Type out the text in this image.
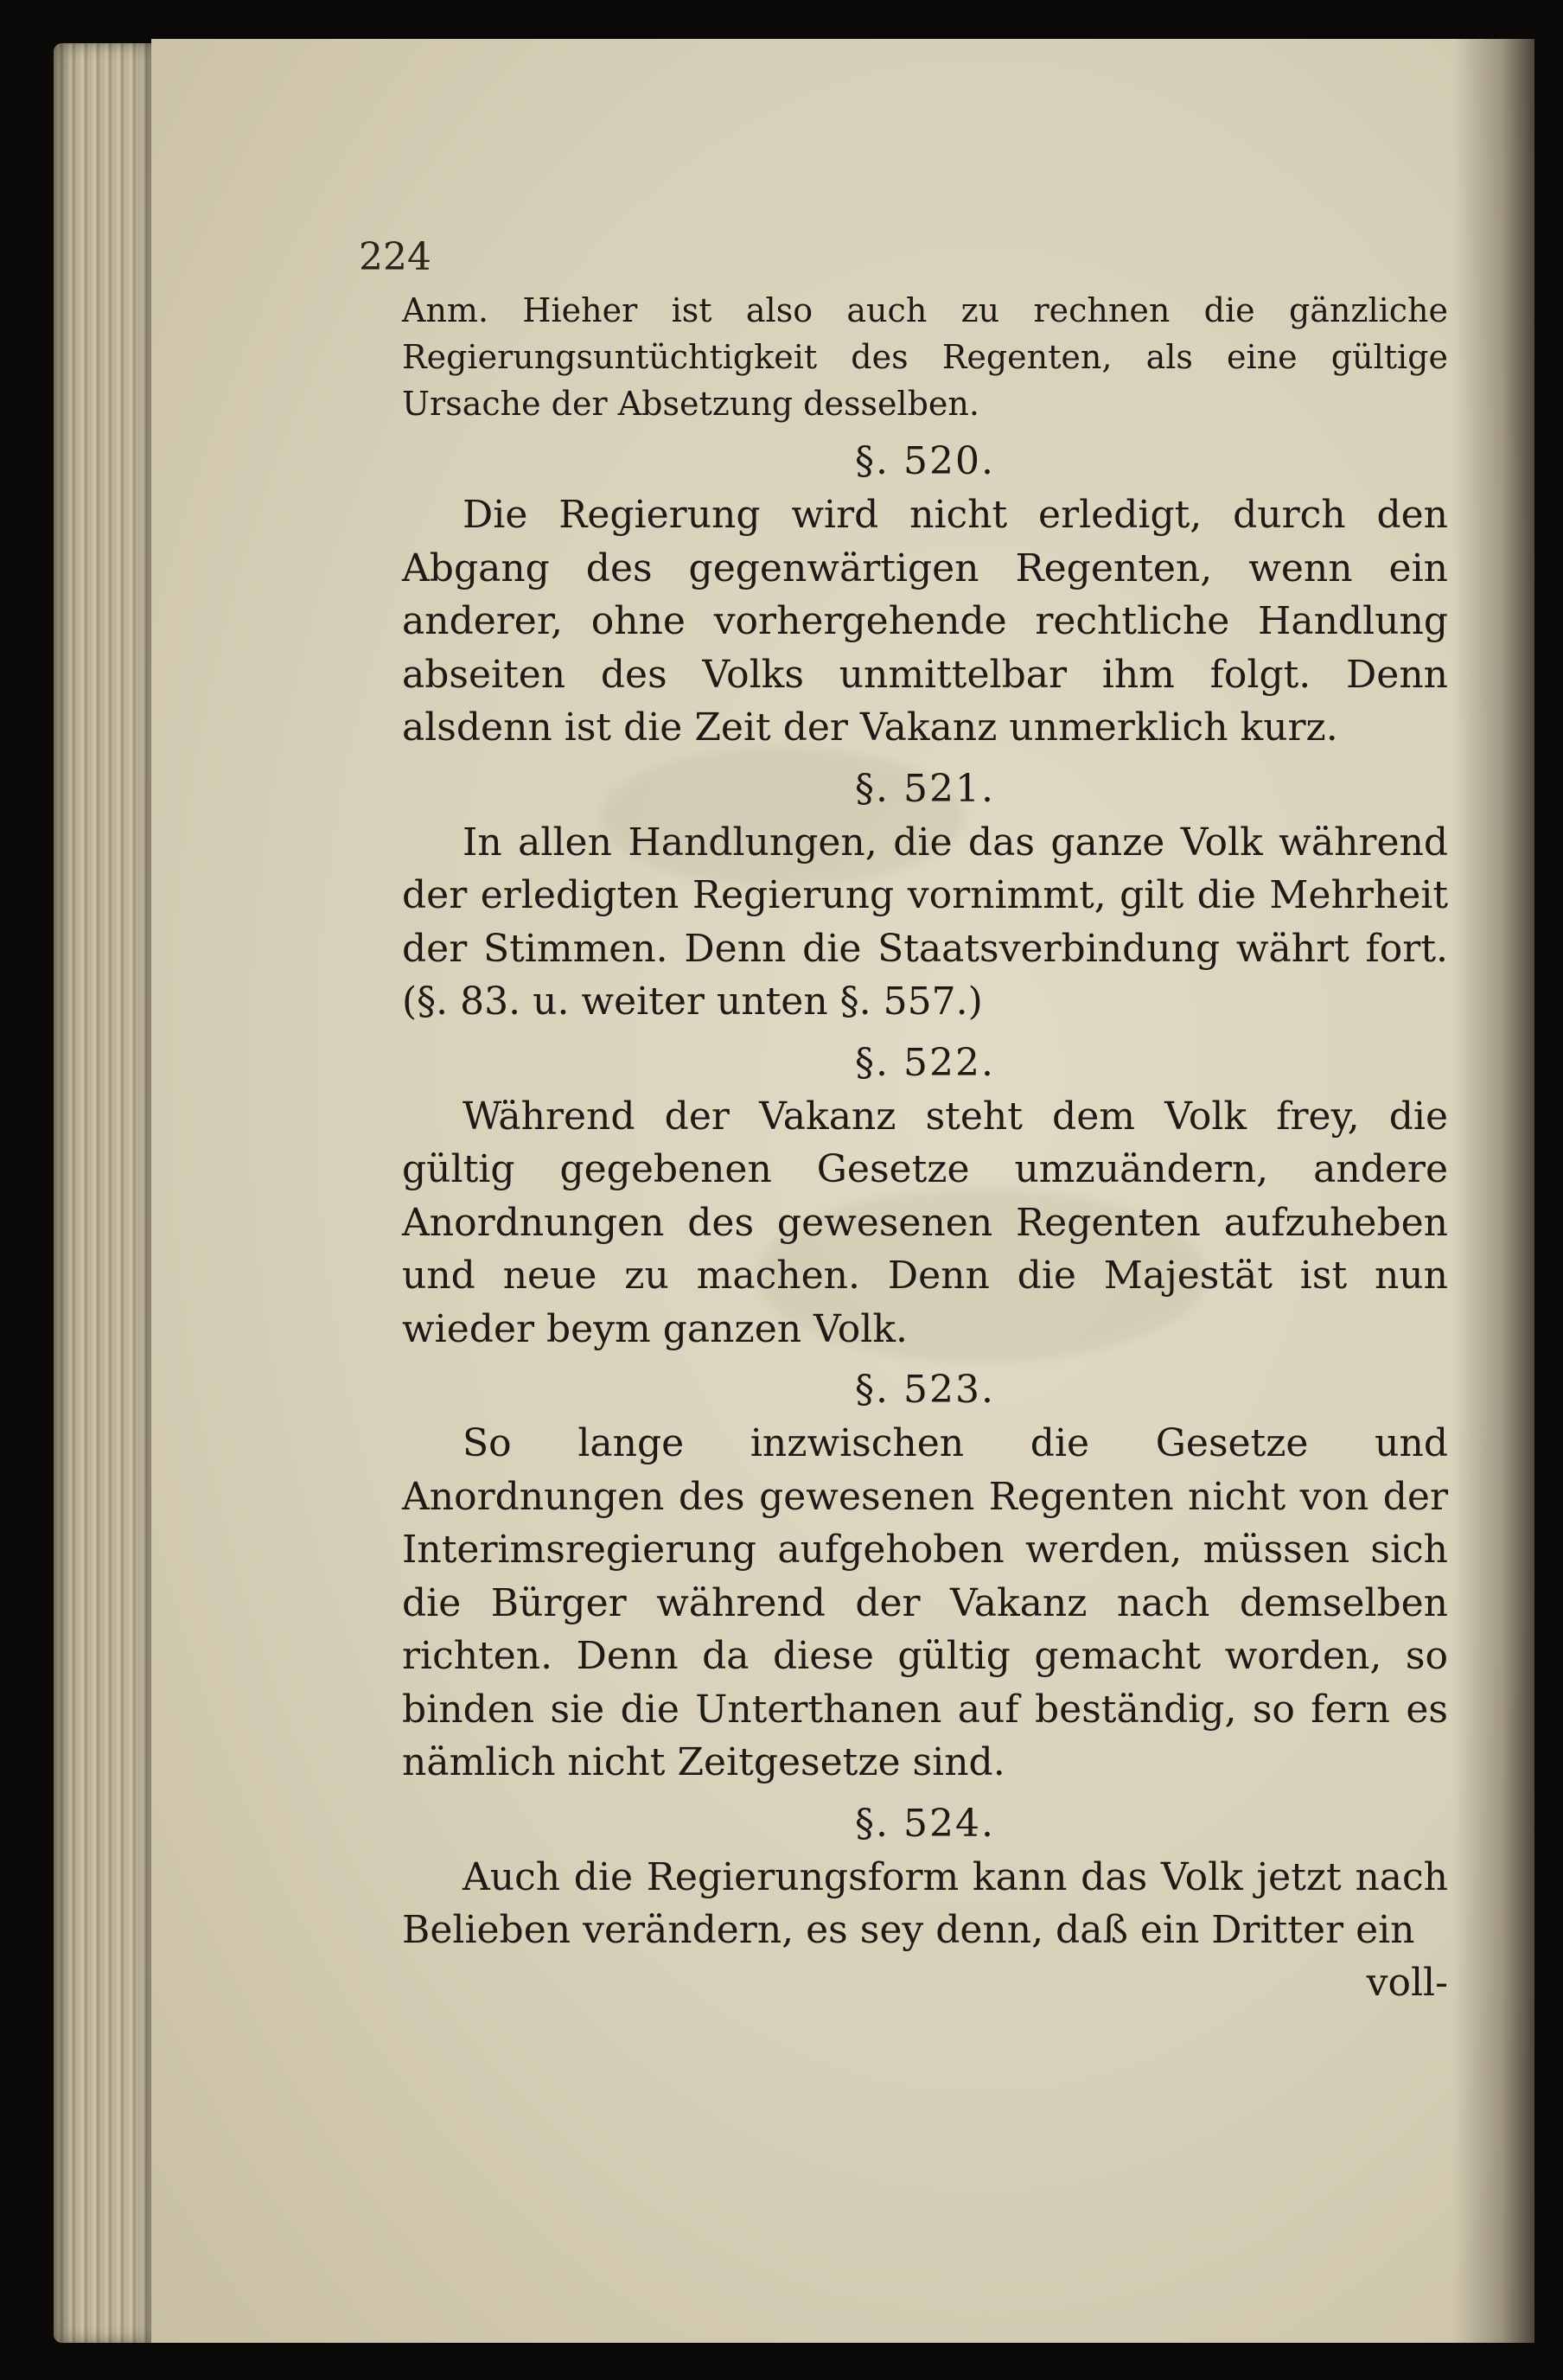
224

Anm. Hieher ist also auch zu rechnen die gänzliche Regierungsuntüchtigkeit des Regenten, als eine gültige Ursache der Absetzung desselben.

§. 520.

Die Regierung wird nicht erledigt, durch den Abgang des gegenwärtigen Regenten, wenn ein anderer, ohne vorhergehende rechtliche Handlung abseiten des Volks unmittelbar ihm folgt. Denn alsdenn ist die Zeit der Vakanz unmerklich kurz.

§. 521.

In allen Handlungen, die das ganze Volk während der erledigten Regierung vornimmt, gilt die Mehrheit der Stimmen. Denn die Staatsverbindung währt fort. (§. 83. u. weiter unten §. 557.)

§. 522.

Während der Vakanz steht dem Volk frey, die gültig gegebenen Gesetze umzuändern, andere Anordnungen des gewesenen Regenten aufzuheben und neue zu machen. Denn die Majestät ist nun wieder beym ganzen Volk.

§. 523.

So lange inzwischen die Gesetze und Anordnungen des gewesenen Regenten nicht von der Interimsregierung aufgehoben werden, müssen sich die Bürger während der Vakanz nach demselben richten. Denn da diese gültig gemacht worden, so binden sie die Unterthanen auf beständig, so fern es nämlich nicht Zeitgesetze sind.

§. 524.

Auch die Regierungsform kann das Volk jetzt nach Belieben verändern, es sey denn, daß ein Dritter ein

voll-
